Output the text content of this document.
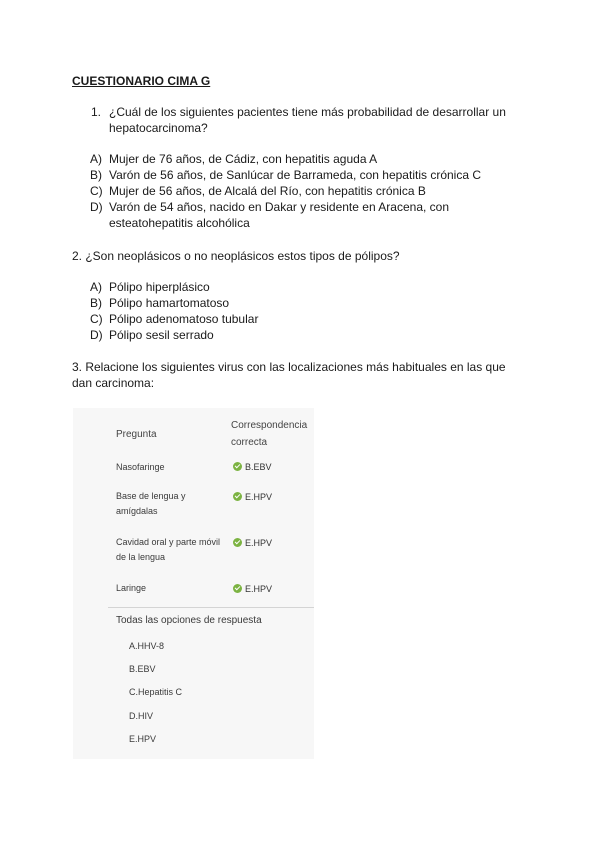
CUESTIONARIO CIMA G
1. ¿Cuál de los siguientes pacientes tiene más probabilidad de desarrollar un
hepatocarcinoma?
A) Mujer de 76 años, de Cádiz, con hepatitis aguda A
B) Varón de 56 años, de Sanlúcar de Barrameda, con hepatitis crónica C
C) Mujer de 56 años, de Alcalá del Río, con hepatitis crónica B
D) Varón de 54 años, nacido en Dakar y residente en Aracena, con
esteatohepatitis alcohólica
2. ¿Son neoplásicos o no neoplásicos estos tipos de pólipos?
A) Pólipo hiperplásico
B) Pólipo hamartomatoso
C) Pólipo adenomatoso tubular
D) Pólipo sesil serrado
3. Relacione los siguientes virus con las localizaciones más habituales en las que
dan carcinoma:
Pregunta
Correspondencia
correcta
Nasofaringe	B.EBV
Base de lengua y
amígdalas
E.HPV
Cavidad oral y parte móvil
de la lengua
E.HPV
Laringe	E.HPV
Todas las opciones de respuesta
A.HHV-8
B.EBV
C.Hepatitis C
D.HIV
E.HPV
